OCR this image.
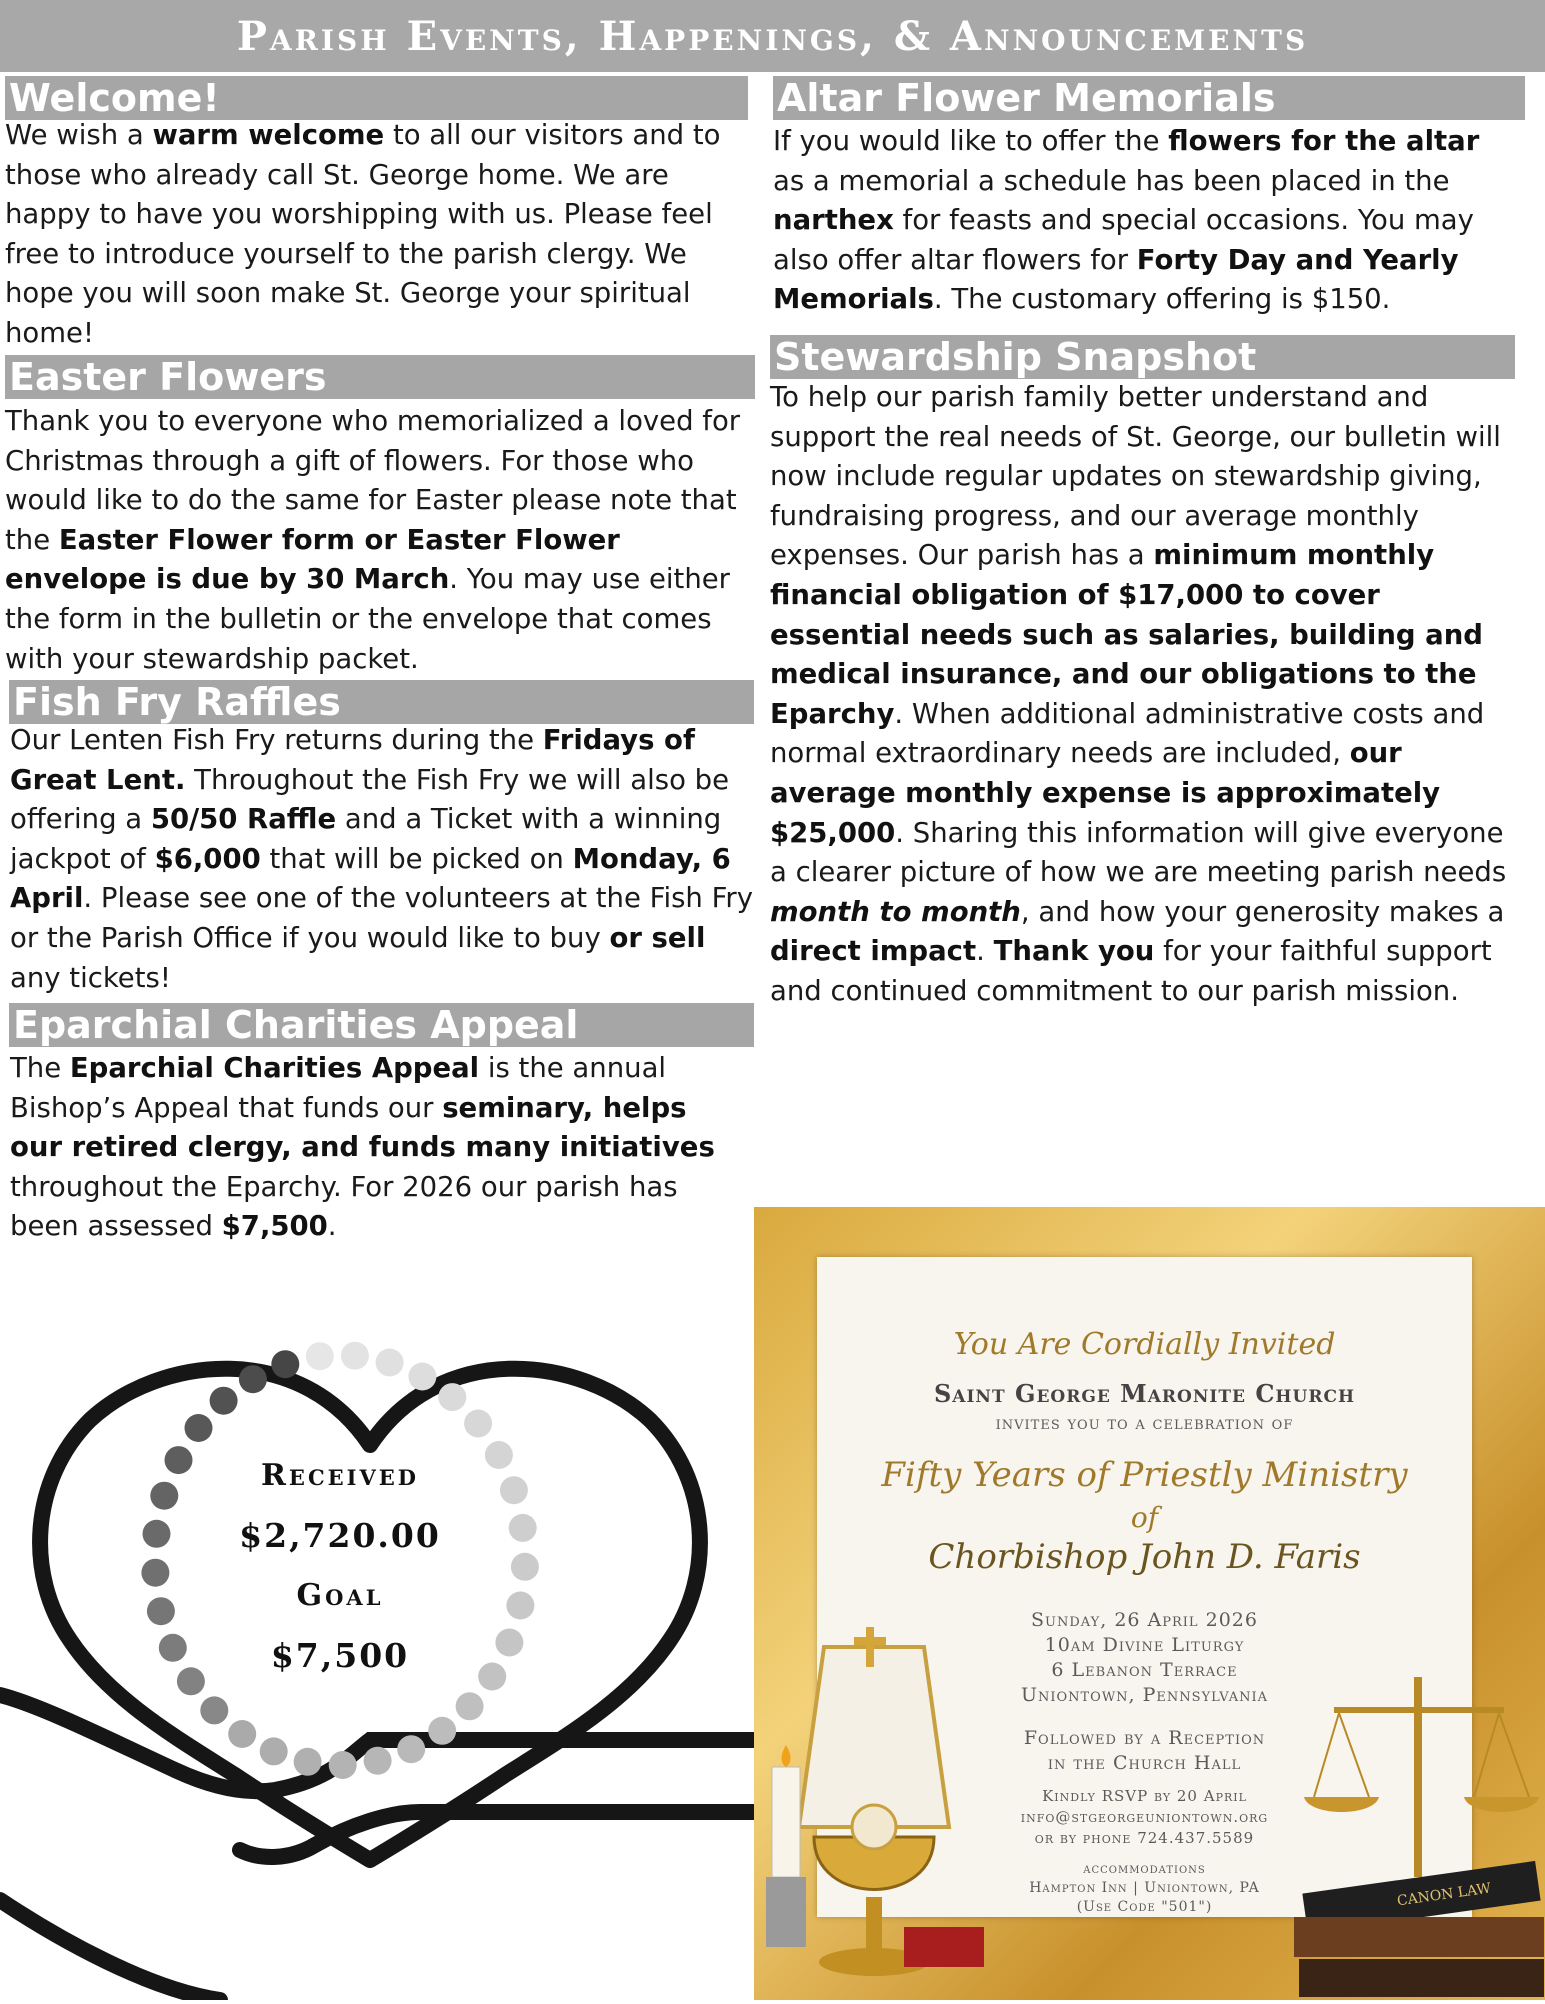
Parish Events, Happenings, & Announcements
Welcome!

We wish a warm welcome to all our visitors and to those who already call St. George home. We are happy to have you worshipping with us. Please feel free to introduce yourself to the parish clergy. We hope you will soon make St. George your spiritual home!

Easter Flowers

Thank you to everyone who memorialized a loved for Christmas through a gift of flowers. For those who would like to do the same for Easter please note that the Easter Flower form or Easter Flower envelope is due by 30 March. You may use either the form in the bulletin or the envelope that comes with your stewardship packet.

Fish Fry Raffles

Our Lenten Fish Fry returns during the Fridays of Great Lent. Throughout the Fish Fry we will also be offering a 50/50 Raffle and a Ticket with a winning jackpot of $6,000 that will be picked on Monday, 6 April. Please see one of the volunteers at the Fish Fry or the Parish Office if you would like to buy or sell any tickets!

Eparchial Charities Appeal

The Eparchial Charities Appeal is the annual Bishop’s Appeal that funds our seminary, helps our retired clergy, and funds many initiatives throughout the Eparchy. For 2026 our parish has been assessed $7,500.

Altar Flower Memorials

If you would like to offer the flowers for the altar as a memorial a schedule has been placed in the narthex for feasts and special occasions. You may also offer altar flowers for Forty Day and Yearly Memorials. The customary offering is $150.

Stewardship Snapshot

To help our parish family better understand and support the real needs of St. George, our bulletin will now include regular updates on stewardship giving, fundraising progress, and our average monthly expenses. Our parish has a minimum monthly financial obligation of $17,000 to cover essential needs such as salaries, building and medical insurance, and our obligations to the Eparchy. When additional administrative costs and normal extraordinary needs are included, our average monthly expense is approximately $25,000. Sharing this information will give everyone a clearer picture of how we are meeting parish needs month to month, and how your generosity makes a direct impact. Thank you for your faithful support and continued commitment to our parish mission.

Received
$2,720.00
Goal
$7,500
You Are Cordially Invited
Saint George Maronite Church
invites you to a celebration of
Fifty Years of Priestly Ministry
of
Chorbishop John D. Faris
Sunday, 26 April 2026
10am Divine Liturgy
6 Lebanon Terrace
Uniontown, Pennsylvania
Followed by a Reception
in the Church Hall
Kindly RSVP by 20 April
info@stgeorgeuniontown.org
or by phone 724.437.5589
accommodations
Hampton Inn | Uniontown, PA
(Use Code "501")	CANON LAW
